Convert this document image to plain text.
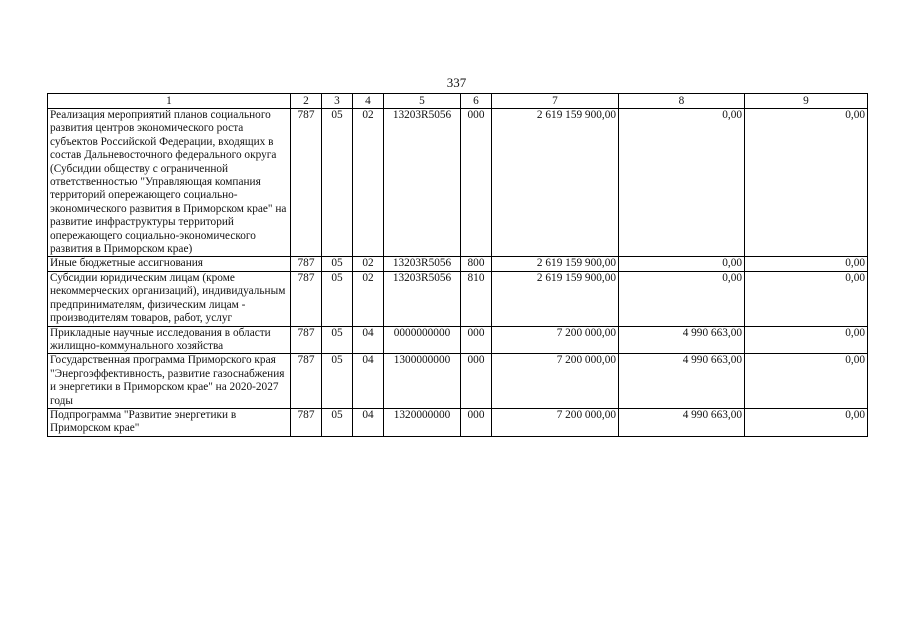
337
1	2	3	4	5	6	7	8	9
Реализация мероприятий планов социального развития центров экономического роста субъектов Российской Федерации, входящих в состав Дальневосточного федерального округа (Субсидии обществу с ограниченной ответственностью "Управляющая компания территорий опережающего социально-экономического развития в Приморском крае" на развитие инфраструктуры территорий опережающего социально-экономического развития в Приморском крае)	787	05	02	13203R5056	000	2 619 159 900,00	0,00	0,00
Иные бюджетные ассигнования	787	05	02	13203R5056	800	2 619 159 900,00	0,00	0,00
Субсидии юридическим лицам (кроме некоммерческих организаций), индивидуальным предпринимателям, физическим лицам - производителям товаров, работ, услуг	787	05	02	13203R5056	810	2 619 159 900,00	0,00	0,00
Прикладные научные исследования в области жилищно-коммунального хозяйства	787	05	04	0000000000	000	7 200 000,00	4 990 663,00	0,00
Государственная программа Приморского края "Энергоэффективность, развитие газоснабжения и энергетики в Приморском крае" на 2020-2027 годы	787	05	04	1300000000	000	7 200 000,00	4 990 663,00	0,00
Подпрограмма "Развитие энергетики в Приморском крае"	787	05	04	1320000000	000	7 200 000,00	4 990 663,00	0,00
